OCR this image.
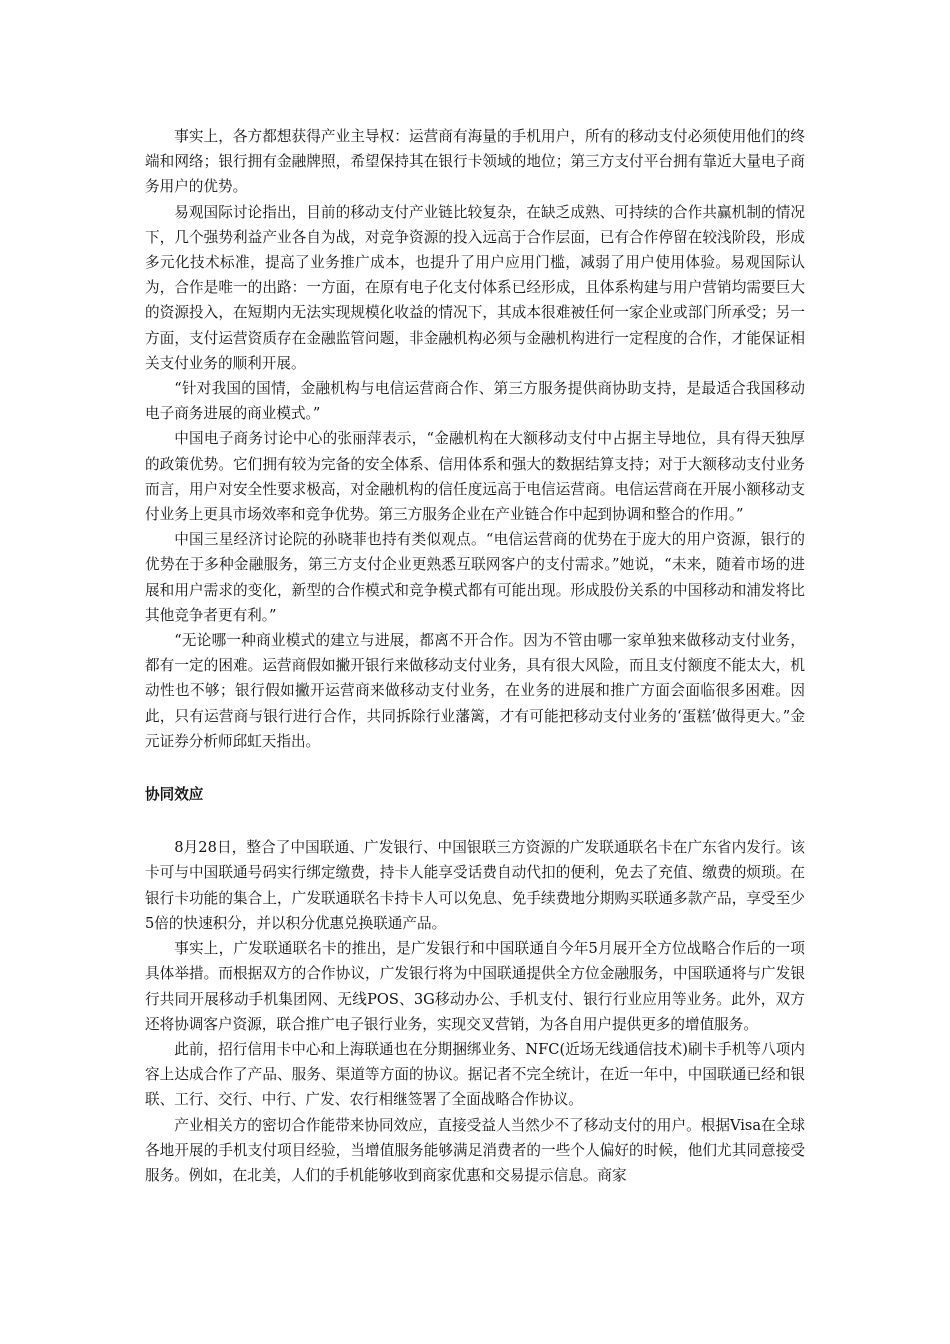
事实上，各方都想获得产业主导权：运营商有海量的手机用户，所有的移动支付必须使用他们的终端和网络；银行拥有金融牌照，希望保持其在银行卡领域的地位；第三方支付平台拥有靠近大量电子商务用户的优势。

易观国际讨论指出，目前的移动支付产业链比较复杂，在缺乏成熟、可持续的合作共赢机制的情况下，几个强势利益产业各自为战，对竞争资源的投入远高于合作层面，已有合作停留在较浅阶段，形成多元化技术标准，提高了业务推广成本，也提升了用户应用门槛，减弱了用户使用体验。易观国际认为，合作是唯一的出路：一方面，在原有电子化支付体系已经形成，且体系构建与用户营销均需要巨大的资源投入，在短期内无法实现规模化收益的情况下，其成本很难被任何一家企业或部门所承受；另一方面，支付运营资质存在金融监管问题，非金融机构必须与金融机构进行一定程度的合作，才能保证相关支付业务的顺利开展。

“针对我国的国情，金融机构与电信运营商合作、第三方服务提供商协助支持，是最适合我国移动电子商务进展的商业模式。”

中国电子商务讨论中心的张丽萍表示，“金融机构在大额移动支付中占据主导地位，具有得天独厚的政策优势。它们拥有较为完备的安全体系、信用体系和强大的数据结算支持；对于大额移动支付业务而言，用户对安全性要求极高，对金融机构的信任度远高于电信运营商。电信运营商在开展小额移动支付业务上更具市场效率和竞争优势。第三方服务企业在产业链合作中起到协调和整合的作用。”

中国三星经济讨论院的孙晓菲也持有类似观点。“电信运营商的优势在于庞大的用户资源，银行的优势在于多种金融服务，第三方支付企业更熟悉互联网客户的支付需求。”她说，“未来，随着市场的进展和用户需求的变化，新型的合作模式和竞争模式都有可能出现。形成股份关系的中国移动和浦发将比其他竞争者更有利。”

“无论哪一种商业模式的建立与进展，都离不开合作。因为不管由哪一家单独来做移动支付业务，都有一定的困难。运营商假如撇开银行来做移动支付业务，具有很大风险，而且支付额度不能太大，机动性也不够；银行假如撇开运营商来做移动支付业务，在业务的进展和推广方面会面临很多困难。因此，只有运营商与银行进行合作，共同拆除行业藩篱，才有可能把移动支付业务的‘蛋糕’做得更大。”金元证券分析师邱虹天指出。

协同效应

8月28日，整合了中国联通、广发银行、中国银联三方资源的广发联通联名卡在广东省内发行。该卡可与中国联通号码实行绑定缴费，持卡人能享受话费自动代扣的便利，免去了充值、缴费的烦琐。在银行卡功能的集合上，广发联通联名卡持卡人可以免息、免手续费地分期购买联通多款产品，享受至少5倍的快速积分，并以积分优惠兑换联通产品。

事实上，广发联通联名卡的推出，是广发银行和中国联通自今年5月展开全方位战略合作后的一项具体举措。而根据双方的合作协议，广发银行将为中国联通提供全方位金融服务，中国联通将与广发银行共同开展移动手机集团网、无线POS、3G移动办公、手机支付、银行行业应用等业务。此外，双方还将协调客户资源，联合推广电子银行业务，实现交叉营销，为各自用户提供更多的增值服务。

此前，招行信用卡中心和上海联通也在分期捆绑业务、NFC(近场无线通信技术)刷卡手机等八项内容上达成合作了产品、服务、渠道等方面的协议。据记者不完全统计，在近一年中，中国联通已经和银联、工行、交行、中行、广发、农行相继签署了全面战略合作协议。

产业相关方的密切合作能带来协同效应，直接受益人当然少不了移动支付的用户。根据Visa在全球各地开展的手机支付项目经验，当增值服务能够满足消费者的一些个人偏好的时候，他们尤其同意接受服务。例如，在北美，人们的手机能够收到商家优惠和交易提示信息。商家
